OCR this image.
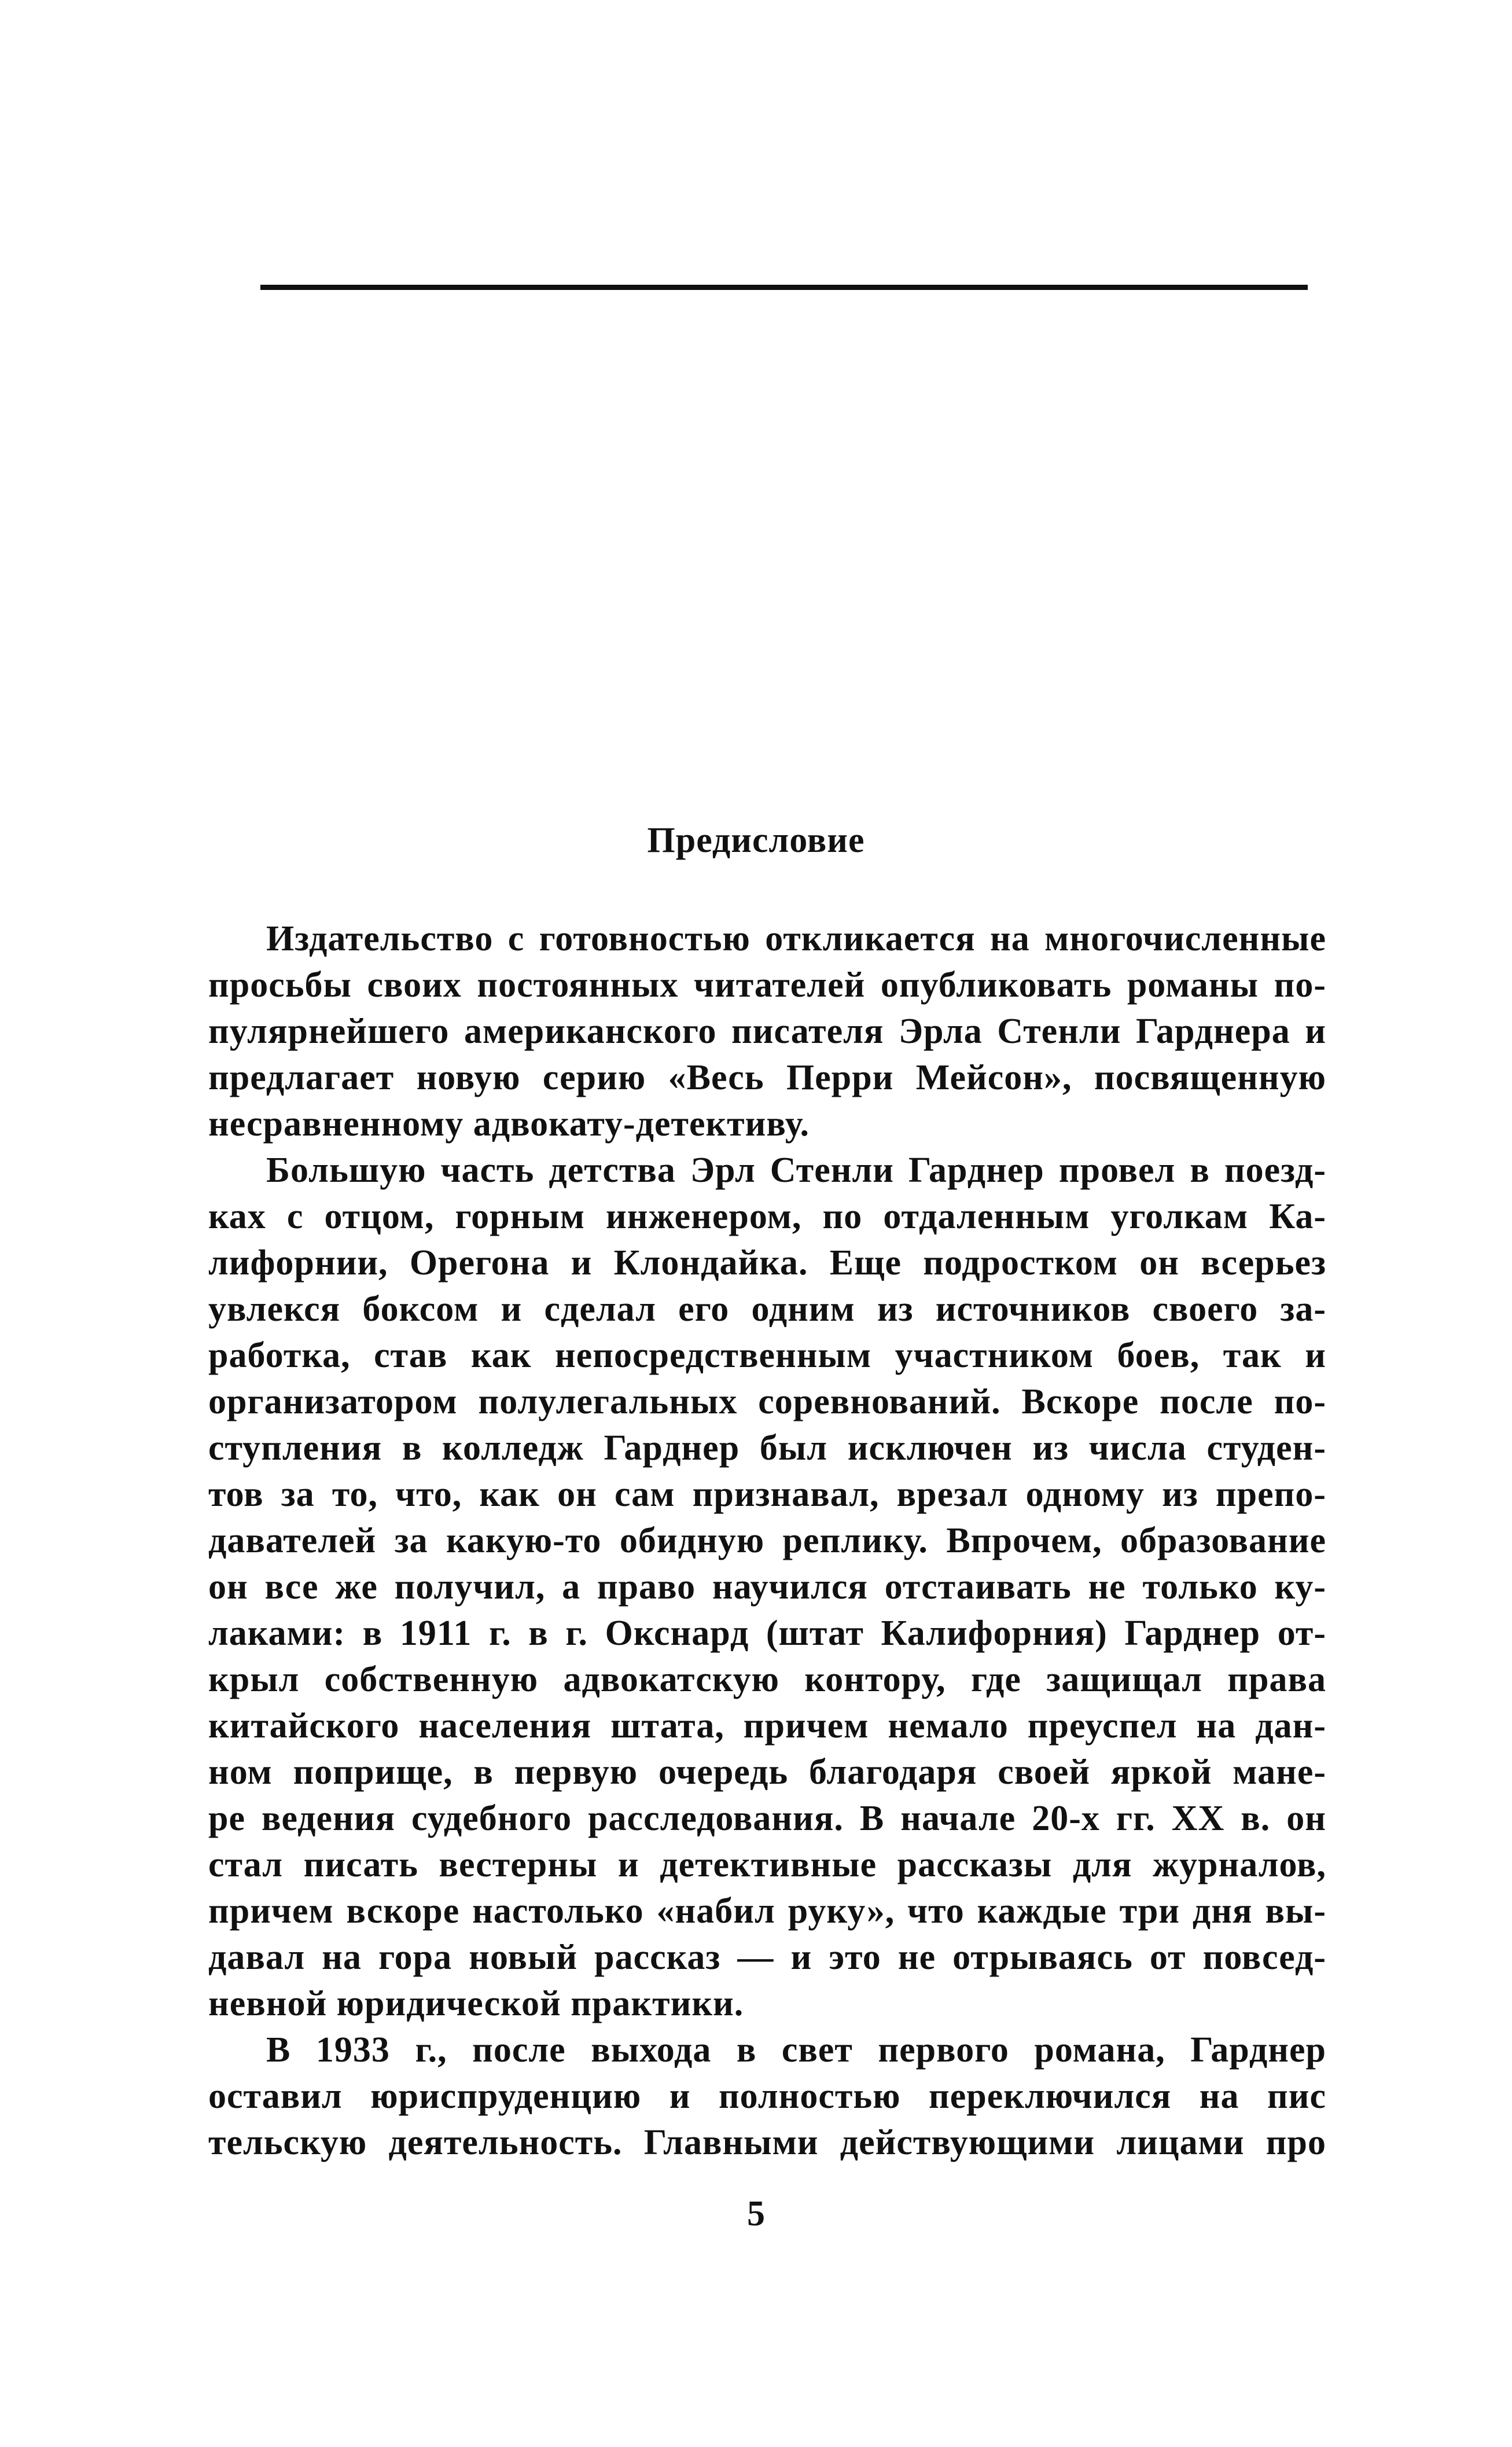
Предисловие
Издательство с готовностью откликается на многочисленные
просьбы своих постоянных читателей опубликовать романы по-
пулярнейшего американского писателя Эрла Стенли Гарднера и
предлагает новую серию «Весь Перри Мейсон», посвященную
несравненному адвокату-детективу.
Большую часть детства Эрл Стенли Гарднер провел в поезд-
ках с отцом, горным инженером, по отдаленным уголкам Ка-
лифорнии, Орегона и Клондайка. Еще подростком он всерьез
увлекся боксом и сделал его одним из источников своего за-
работка, став как непосредственным участником боев, так и
организатором полулегальных соревнований. Вскоре после по-
ступления в колледж Гарднер был исключен из числа студен-
тов за то, что, как он сам признавал, врезал одному из препо-
давателей за какую-то обидную реплику. Впрочем, образование
он все же получил, а право научился отстаивать не только ку-
лаками: в 1911 г. в г. Окснард (штат Калифорния) Гарднер от-
крыл собственную адвокатскую контору, где защищал права
китайского населения штата, причем немало преуспел на дан-
ном поприще, в первую очередь благодаря своей яркой мане-
ре ведения судебного расследования. В начале 20-х гг. XX в. он
стал писать вестерны и детективные рассказы для журналов,
причем вскоре настолько «набил руку», что каждые три дня вы-
давал на гора новый рассказ — и это не отрываясь от повсед-
невной юридической практики.
В 1933 г., после выхода в свет первого романа, Гарднер
оставил юриспруденцию и полностью переключился на пис
тельскую деятельность. Главными действующими лицами про
5
